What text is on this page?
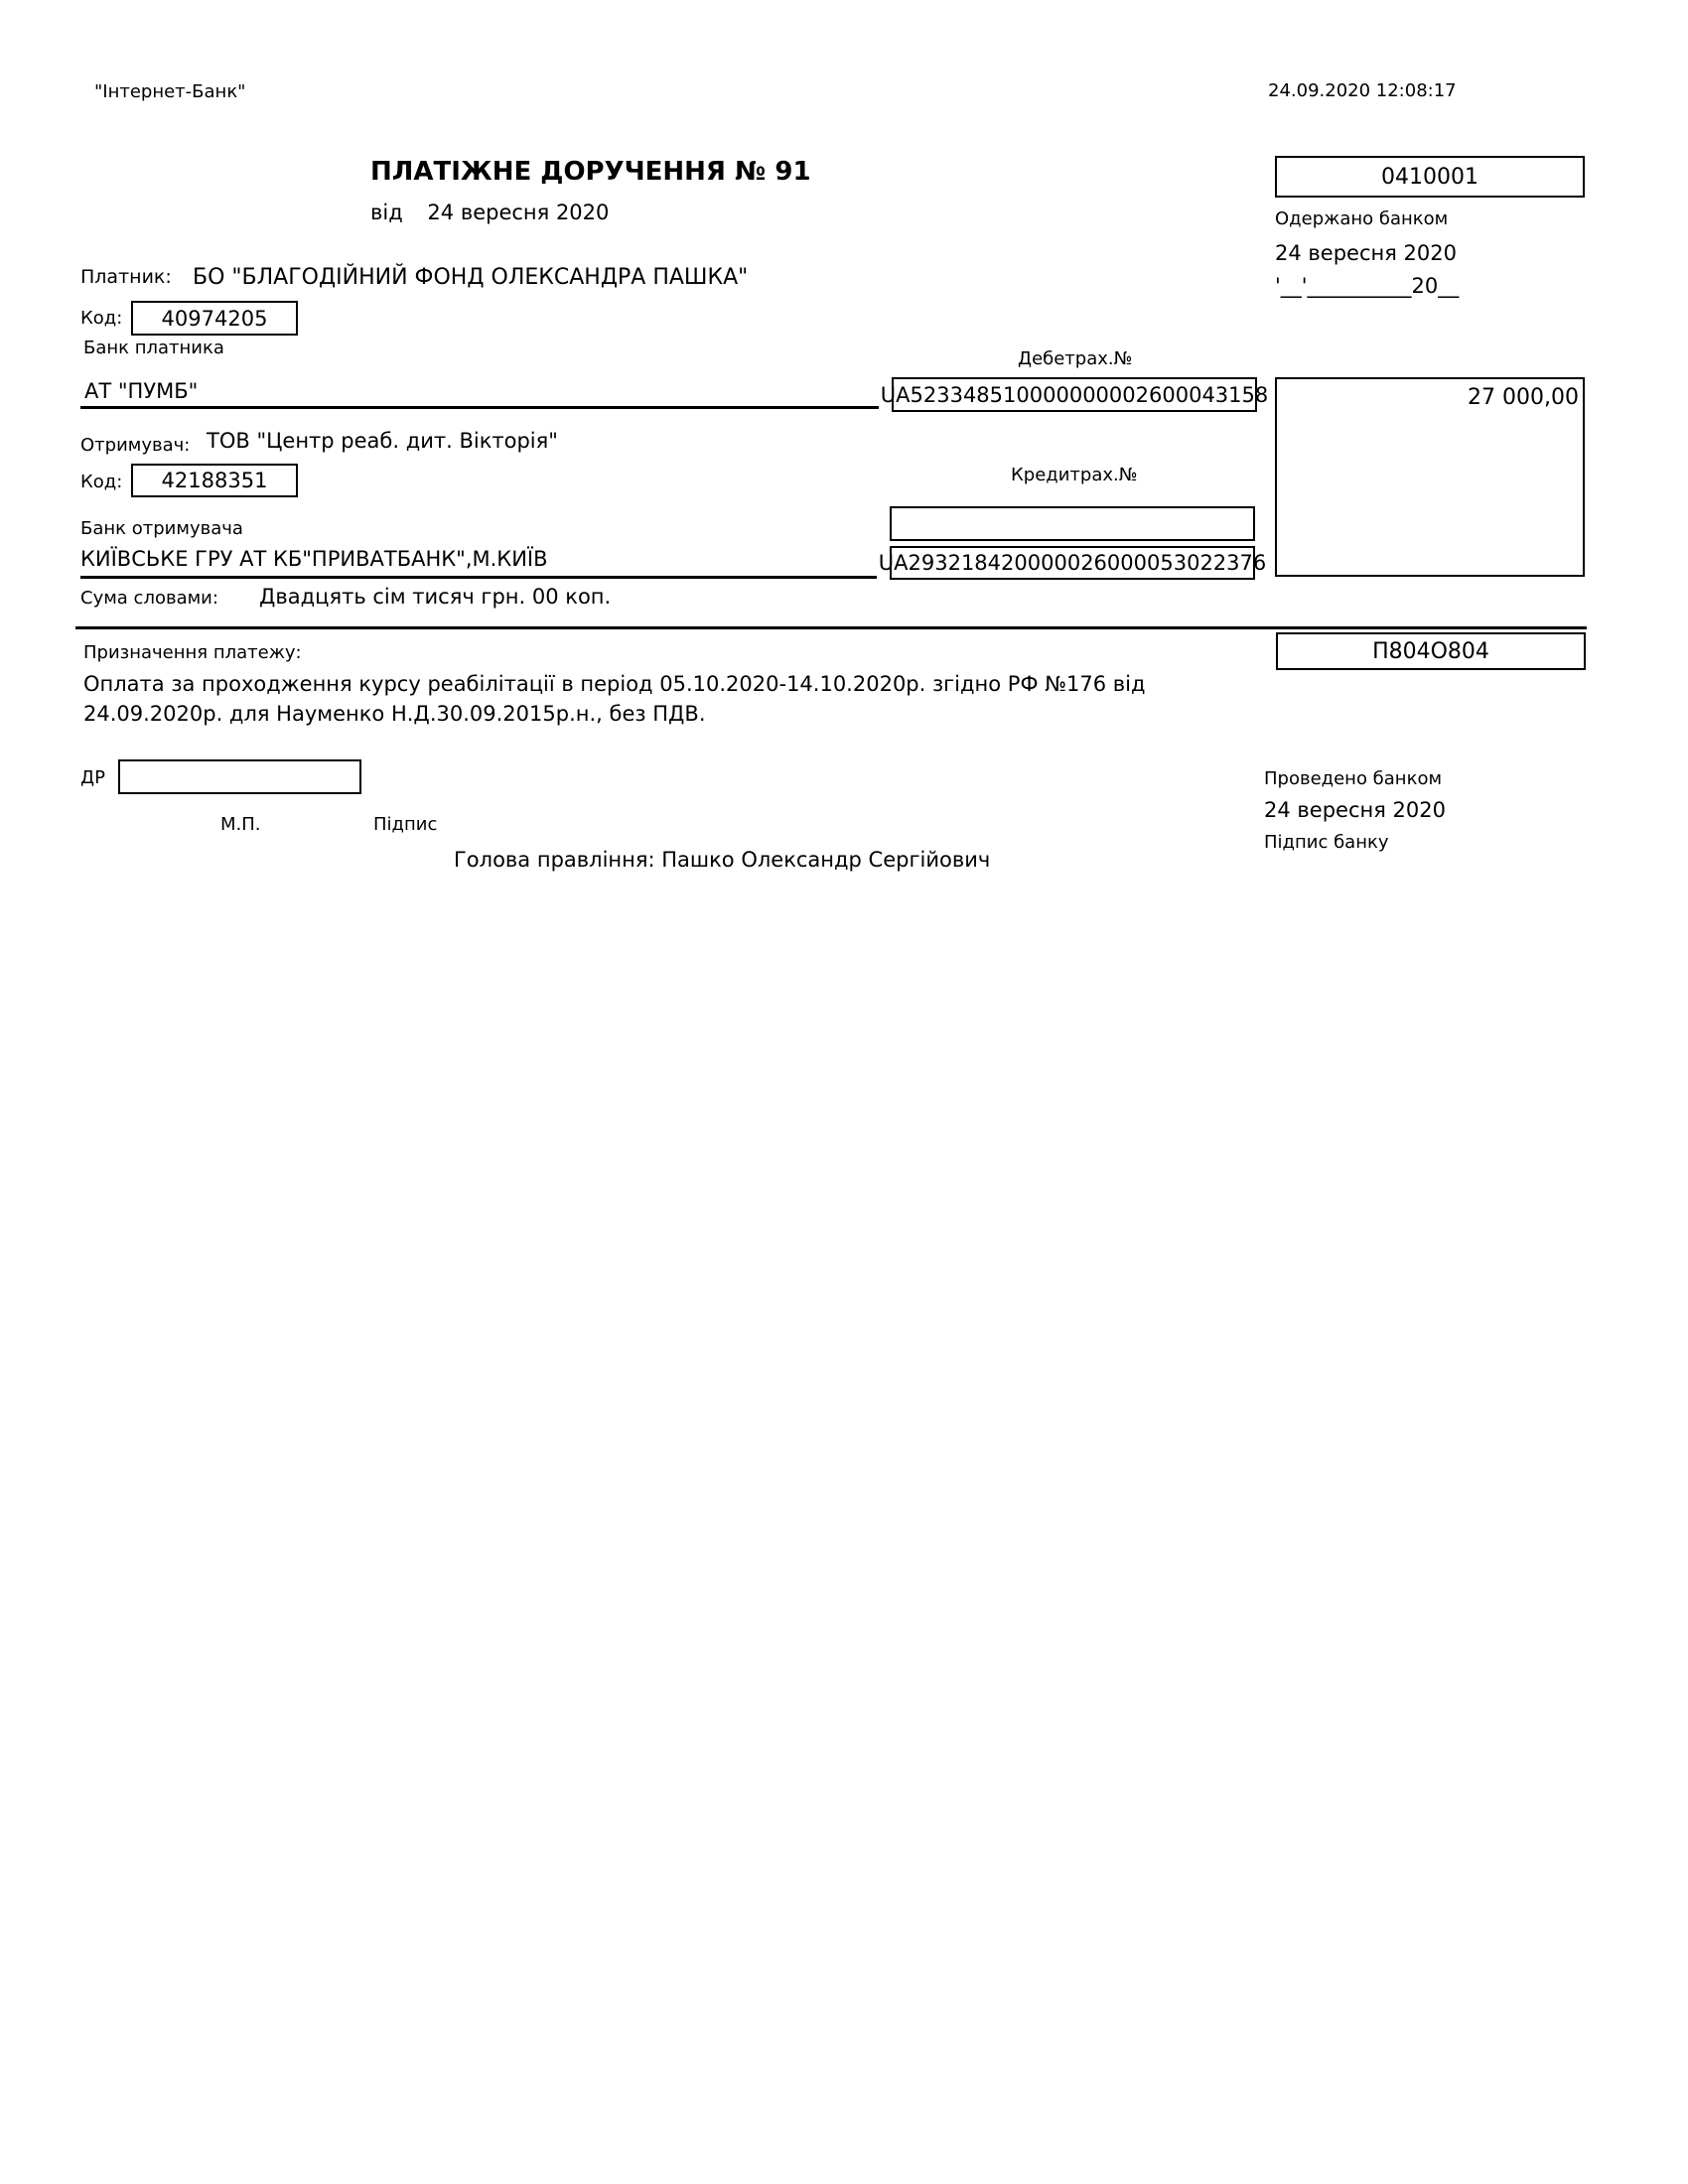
"Інтернет-Банк"	24.09.2020 12:08:17
ПЛАТІЖНЕ ДОРУЧЕННЯ № 91
від 24 вересня 2020
0410001
Одержано банком
24 вересня 2020
'__'__________20__
Платник: БО "БЛАГОДІЙНИЙ ФОНД ОЛЕКСАНДРА ПАШКА"
Код: 40974205
Банк платника
Дебетрах.№
АТ "ПУМБ"	UA523348510000000002600043158	27 000,00
Отримувач: ТОВ "Центр реаб. дит. Вікторія"
Код: 42188351	Кредитрах.№
Банк отримувача
КИЇВСЬКЕ ГРУ АТ КБ"ПРИВАТБАНК",М.КИЇВ	UA293218420000026000053022376
Сума словами: Двадцять сім тисяч грн. 00 коп.
Призначення платежу:	П804О804
Оплата за проходження курсу реабілітації в період 05.10.2020-14.10.2020р. згідно РФ №176 від 24.09.2020р. для Науменко Н.Д.30.09.2015р.н., без ПДВ.
ДР
М.П.	Підпис
Голова правління: Пашко Олександр Сергійович
Проведено банком
24 вересня 2020
Підпис банку
